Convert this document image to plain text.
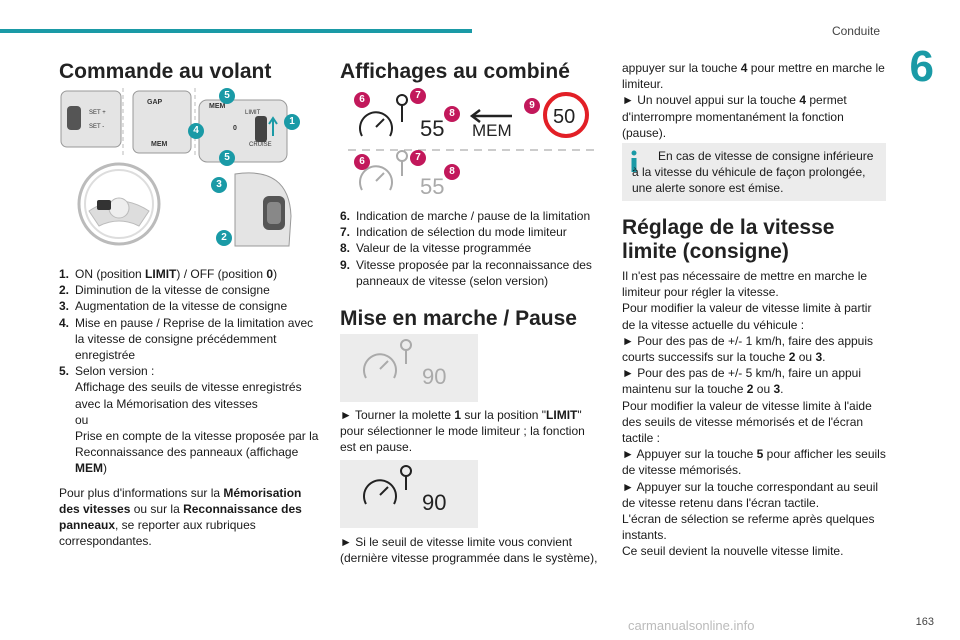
Conduite
6
163
carmanualsonline.info
Commande au volant
SET +
SET -
GAP
MEM
MEM
LIMIT
0
CRUISE
5
1
4
5
3
2
1. ON (position LIMIT) / OFF (position 0)
2. Diminution de la vitesse de consigne
3. Augmentation de la vitesse de consigne
4. Mise en pause / Reprise de la limitation avec la vitesse de consigne précédemment enregistrée
5. Selon version :
Affichage des seuils de vitesse enregistrés avec la Mémorisation des vitesses
ou
Prise en compte de la vitesse proposée par la Reconnaissance des panneaux (affichage MEM)

Pour plus d'informations sur la Mémorisation des vitesses ou sur la Reconnaissance des panneaux, se reporter aux rubriques correspondantes.

Affichages au combiné
55 MEM
50
55
6	7
8
9
6	7
8
6. Indication de marche / pause de la limitation
7. Indication de sélection du mode limiteur
8. Valeur de la vitesse programmée
9. Vitesse proposée par la reconnaissance des panneaux de vitesse (selon version)
Mise en marche / Pause
90

► Tourner la molette 1 sur la position "LIMIT" pour sélectionner le mode limiteur ; la fonction est en pause.

90

► Si le seuil de vitesse limite vous convient (dernière vitesse programmée dans le système),

appuyer sur la touche 4 pour mettre en marche le limiteur.

► Un nouvel appui sur la touche 4 permet d'interrompre momentanément la fonction (pause).

En cas de vitesse de consigne inférieure à la vitesse du véhicule de façon prolongée, une alerte sonore est émise.
Réglage de la vitesse limite (consigne)

Il n'est pas nécessaire de mettre en marche le limiteur pour régler la vitesse.

Pour modifier la valeur de vitesse limite à partir de la vitesse actuelle du véhicule :

► Pour des pas de +/- 1 km/h, faire des appuis courts successifs sur la touche 2 ou 3.

► Pour des pas de +/- 5 km/h, faire un appui maintenu sur la touche 2 ou 3.

Pour modifier la valeur de vitesse limite à l'aide des seuils de vitesse mémorisés et de l'écran tactile :

► Appuyer sur la touche 5 pour afficher les seuils de vitesse mémorisés.

► Appuyer sur la touche correspondant au seuil de vitesse retenu dans l'écran tactile.

L'écran de sélection se referme après quelques instants.

Ce seuil devient la nouvelle vitesse limite.
